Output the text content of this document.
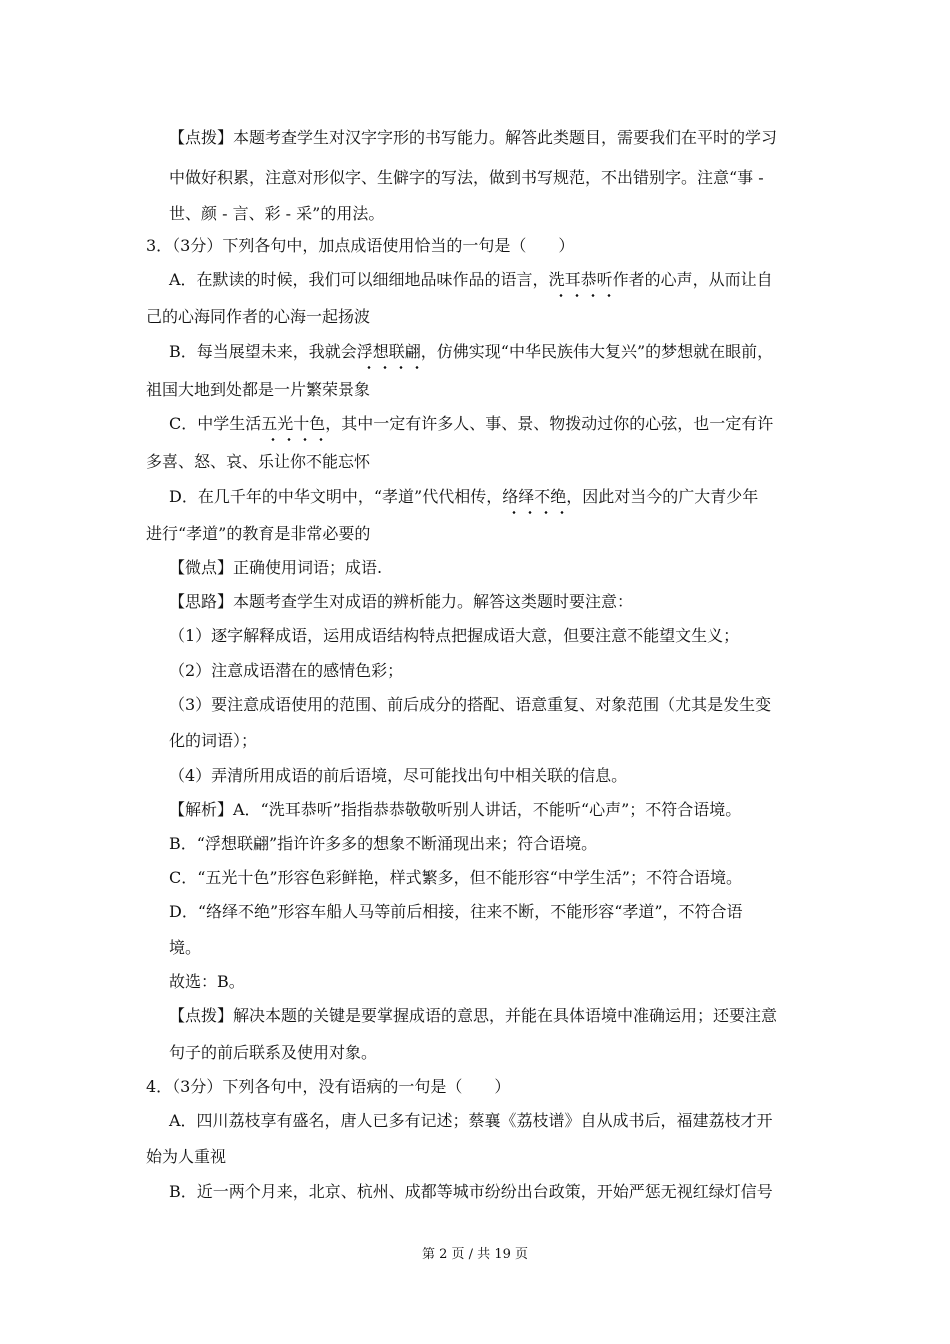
【点拨】本题考查学生对汉字字形的书写能力。解答此类题目，需要我们在平时的学习
中做好积累，注意对形似字、生僻字的写法，做到书写规范，不出错别字。注意“事 -
世、颜 - 言、彩 - 采”的用法。
3．（3分）下列各句中，加点成语使用恰当的一句是（　　）
A．在默读的时候，我们可以细细地品味作品的语言，洗耳恭听作者的心声，从而让自
己的心海同作者的心海一起扬波
B．每当展望未来，我就会浮想联翩，仿佛实现“中华民族伟大复兴”的梦想就在眼前，
祖国大地到处都是一片繁荣景象
C．中学生活五光十色，其中一定有许多人、事、景、物拨动过你的心弦，也一定有许
多喜、怒、哀、乐让你不能忘怀
D．在几千年的中华文明中，“孝道”代代相传，络绎不绝，因此对当今的广大青少年
进行“孝道”的教育是非常必要的
【微点】正确使用词语；成语.
【思路】本题考查学生对成语的辨析能力。解答这类题时要注意：
（1）逐字解释成语，运用成语结构特点把握成语大意，但要注意不能望文生义；
（2）注意成语潜在的感情色彩；
（3）要注意成语使用的范围、前后成分的搭配、语意重复、对象范围（尤其是发生变
化的词语）；
（4）弄清所用成语的前后语境，尽可能找出句中相关联的信息。
【解析】A．“洗耳恭听”指指恭恭敬敬听别人讲话，不能听“心声”；不符合语境。
B．“浮想联翩”指许许多多的想象不断涌现出来；符合语境。
C．“五光十色”形容色彩鲜艳，样式繁多，但不能形容“中学生活”；不符合语境。
D．“络绎不绝”形容车船人马等前后相接，往来不断，不能形容“孝道”，不符合语
境。
故选：B。
【点拨】解决本题的关键是要掌握成语的意思，并能在具体语境中准确运用；还要注意
句子的前后联系及使用对象。
4．（3分）下列各句中，没有语病的一句是（　　）
A．四川荔枝享有盛名，唐人已多有记述；蔡襄《荔枝谱》自从成书后，福建荔枝才开
始为人重视
B．近一两个月来，北京、杭州、成都等城市纷纷出台政策，开始严惩无视红绿灯信号
第 2 页 / 共 19 页
